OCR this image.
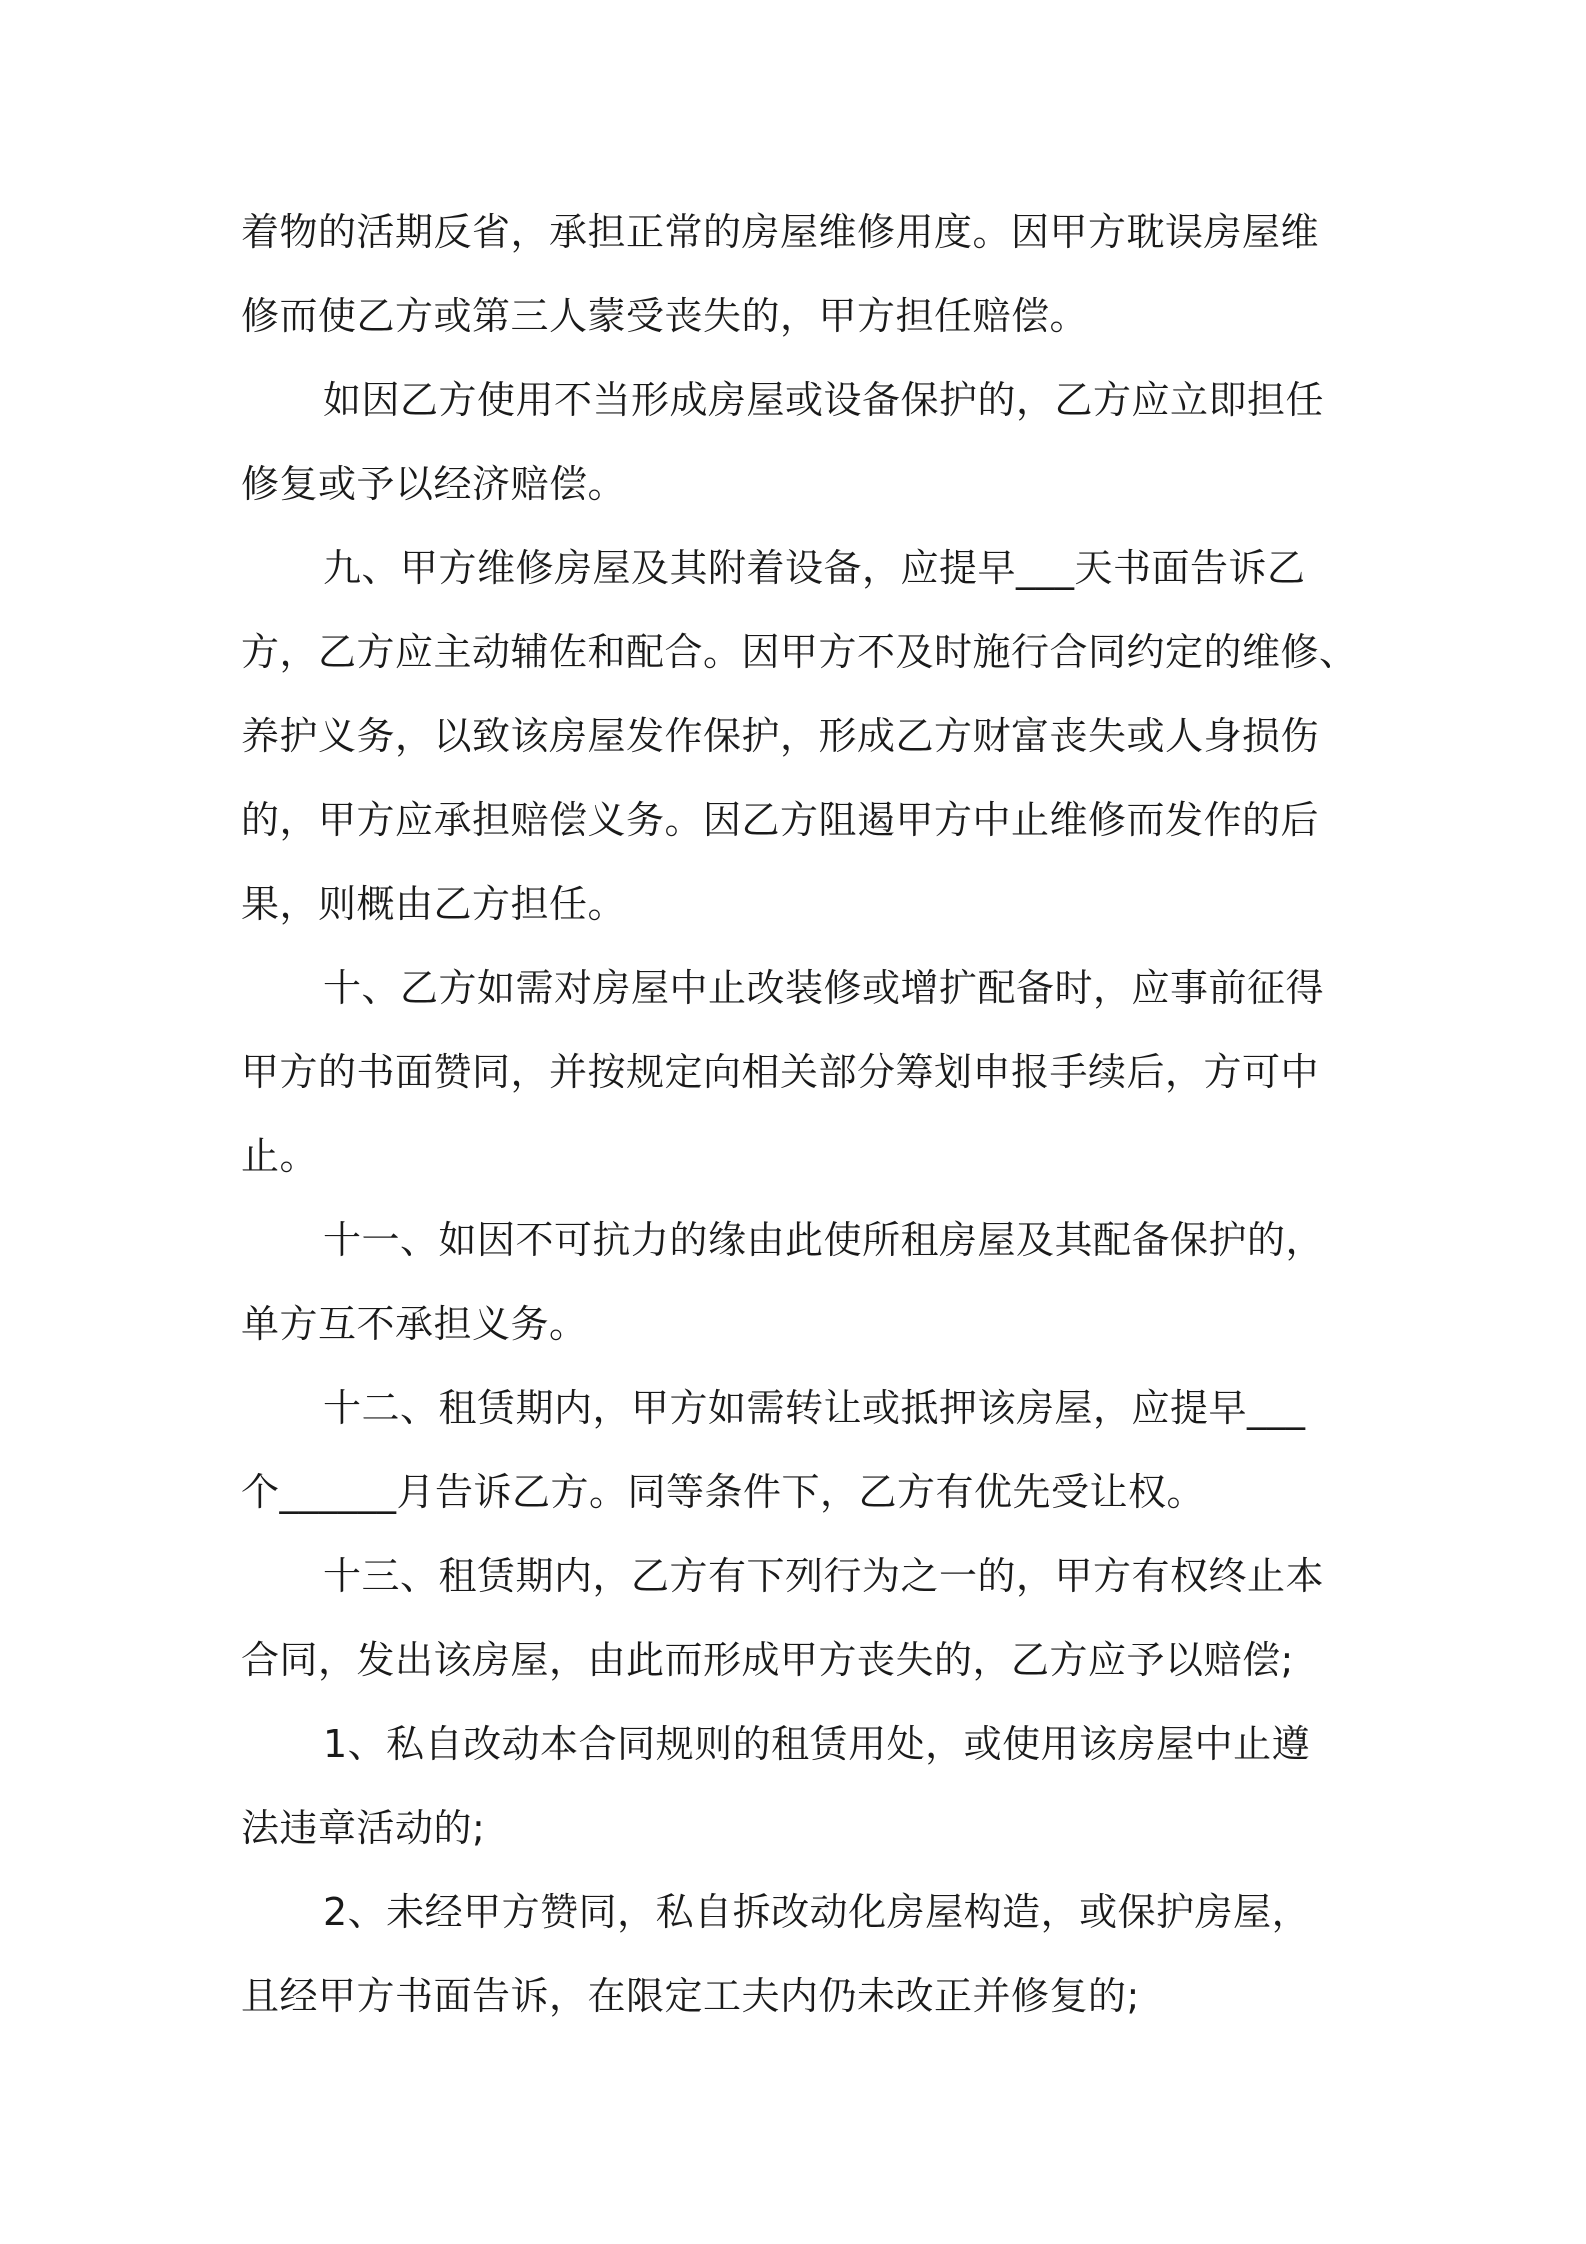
着物的活期反省，承担正常的房屋维修用度。因甲方耽误房屋维
修而使乙方或第三人蒙受丧失的，甲方担任赔偿。
如因乙方使用不当形成房屋或设备保护的，乙方应立即担任
修复或予以经济赔偿。
九、甲方维修房屋及其附着设备，应提早___天书面告诉乙
方，乙方应主动辅佐和配合。因甲方不及时施行合同约定的维修、
养护义务，以致该房屋发作保护，形成乙方财富丧失或人身损伤
的，甲方应承担赔偿义务。因乙方阻遏甲方中止维修而发作的后
果，则概由乙方担任。
十、乙方如需对房屋中止改装修或增扩配备时，应事前征得
甲方的书面赞同，并按规定向相关部分筹划申报手续后，方可中
止。
十一、如因不可抗力的缘由此使所租房屋及其配备保护的，
单方互不承担义务。
十二、租赁期内，甲方如需转让或抵押该房屋，应提早___
个______月告诉乙方。同等条件下，乙方有优先受让权。
十三、租赁期内，乙方有下列行为之一的，甲方有权终止本
合同，发出该房屋，由此而形成甲方丧失的，乙方应予以赔偿;
1、私自改动本合同规则的租赁用处，或使用该房屋中止遵
法违章活动的;
2、未经甲方赞同，私自拆改动化房屋构造，或保护房屋，
且经甲方书面告诉，在限定工夫内仍未改正并修复的;
